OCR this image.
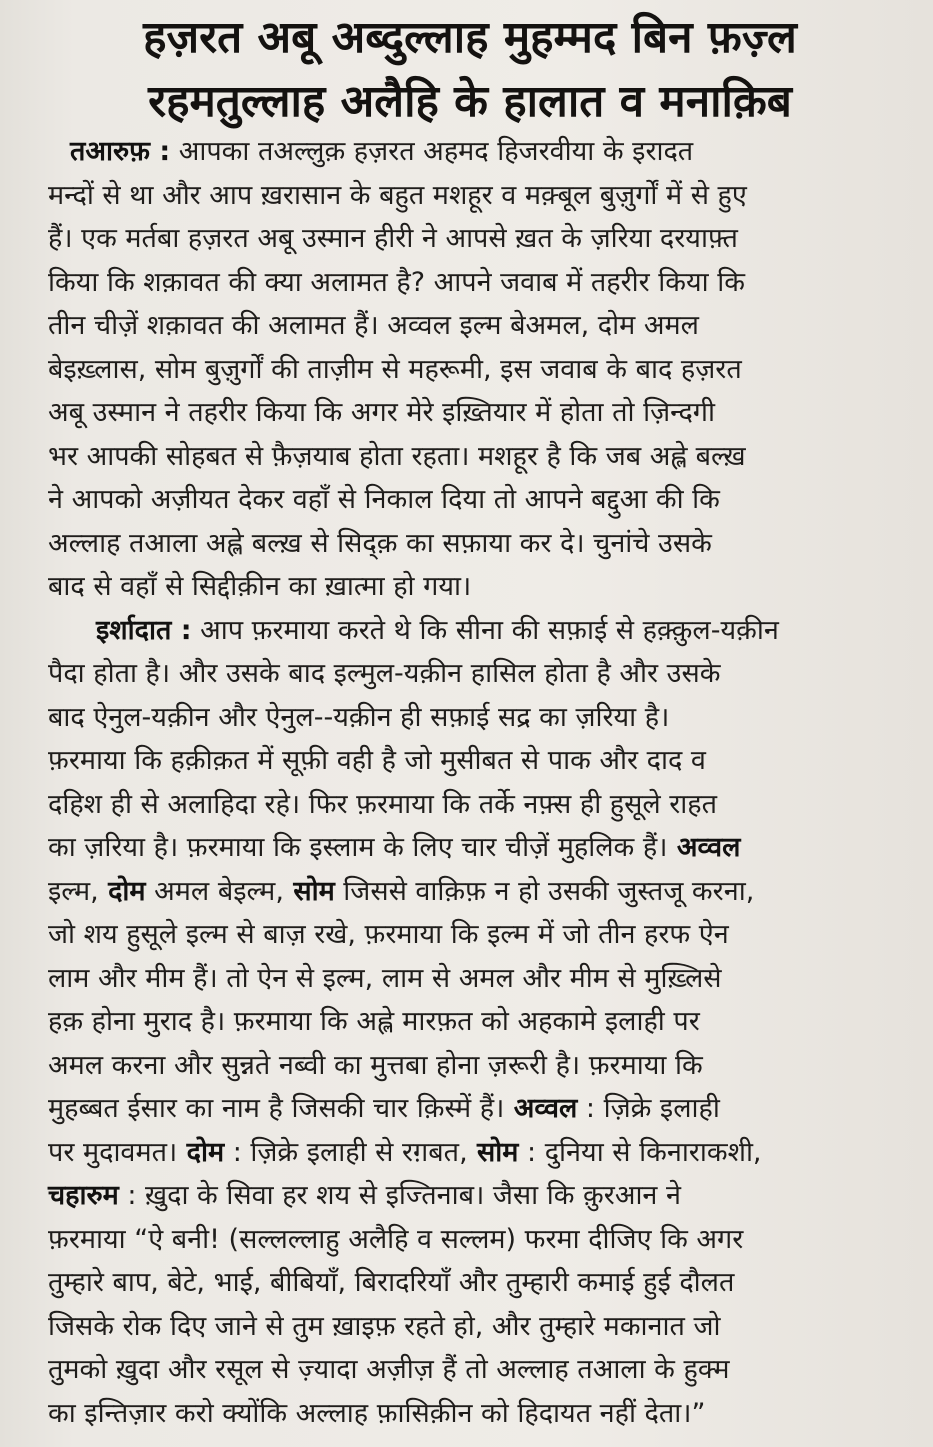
हज़रत अबू अब्दुल्लाह मुहम्मद बिन फ़ज़्ल
रहमतुल्लाह अलैहि के हालात व मनाक़िब
तआरुफ़ : आपका तअल्लुक़ हज़रत अहमद हिजरवीया के इरादत
मन्दों से था और आप ख़रासान के बहुत मशहूर व मक़्बूल बुज़ुर्गों में से हुए
हैं। एक मर्तबा हज़रत अबू उस्मान हीरी ने आपसे ख़त के ज़रिया दरयाफ़्त
किया कि शक़ावत की क्या अलामत है? आपने जवाब में तहरीर किया कि
तीन चीज़ें शक़ावत की अलामत हैं। अव्वल इल्म बेअमल, दोम अमल
बेइख़्लास, सोम बुज़ुर्गों की ताज़ीम से महरूमी, इस जवाब के बाद हज़रत
अबू उस्मान ने तहरीर किया कि अगर मेरे इख़्तियार में होता तो ज़िन्दगी
भर आपकी सोहबत से फ़ैज़याब होता रहता। मशहूर है कि जब अह्ले बल्ख़
ने आपको अज़ीयत देकर वहाँ से निकाल दिया तो आपने बद्दुआ की कि
अल्लाह तआला अह्ले बल्ख़ से सिद्क़ का सफ़ाया कर दे। चुनांचे उसके
बाद से वहाँ से सिद्दीक़ीन का ख़ात्मा हो गया।
इर्शादात : आप फ़रमाया करते थे कि सीना की सफ़ाई से हक़्क़ुल-यक़ीन
पैदा होता है। और उसके बाद इल्मुल-यक़ीन हासिल होता है और उसके
बाद ऐनुल-यक़ीन और ऐनुल--यक़ीन ही सफ़ाई सद्र का ज़रिया है।
फ़रमाया कि हक़ीक़त में सूफ़ी वही है जो मुसीबत से पाक और दाद व
दहिश ही से अलाहिदा रहे। फिर फ़रमाया कि तर्के नफ़्स ही हुसूले राहत
का ज़रिया है। फ़रमाया कि इस्लाम के लिए चार चीज़ें मुहलिक हैं। अव्वल
इल्म, दोम अमल बेइल्म, सोम जिससे वाक़िफ़ न हो उसकी जुस्तजू करना,
जो शय हुसूले इल्म से बाज़ रखे, फ़रमाया कि इल्म में जो तीन हरफ ऐन
लाम और मीम हैं। तो ऐन से इल्म, लाम से अमल और मीम से मुख़्लिसे
हक़ होना मुराद है। फ़रमाया कि अह्ले मारफ़त को अहकामे इलाही पर
अमल करना और सुन्नते नब्वी का मुत्तबा होना ज़रूरी है। फ़रमाया कि
मुहब्बत ईसार का नाम है जिसकी चार क़िस्में हैं। अव्वल : ज़िक्रे इलाही
पर मुदावमत। दोम : ज़िक्रे इलाही से रग़बत, सोम : दुनिया से किनाराकशी,
चहारुम : ख़ुदा के सिवा हर शय से इज्तिनाब। जैसा कि क़ुरआन ने
फ़रमाया “ऐ बनी! (सल्लल्लाहु अलैहि व सल्लम) फरमा दीजिए कि अगर
तुम्हारे बाप, बेटे, भाई, बीबियाँ, बिरादरियाँ और तुम्हारी कमाई हुई दौलत
जिसके रोक दिए जाने से तुम ख़ाइफ़ रहते हो, और तुम्हारे मकानात जो
तुमको ख़ुदा और रसूल से ज़्यादा अज़ीज़ हैं तो अल्लाह तआला के हुक्म
का इन्तिज़ार करो क्योंकि अल्लाह फ़ासिक़ीन को हिदायत नहीं देता।”
